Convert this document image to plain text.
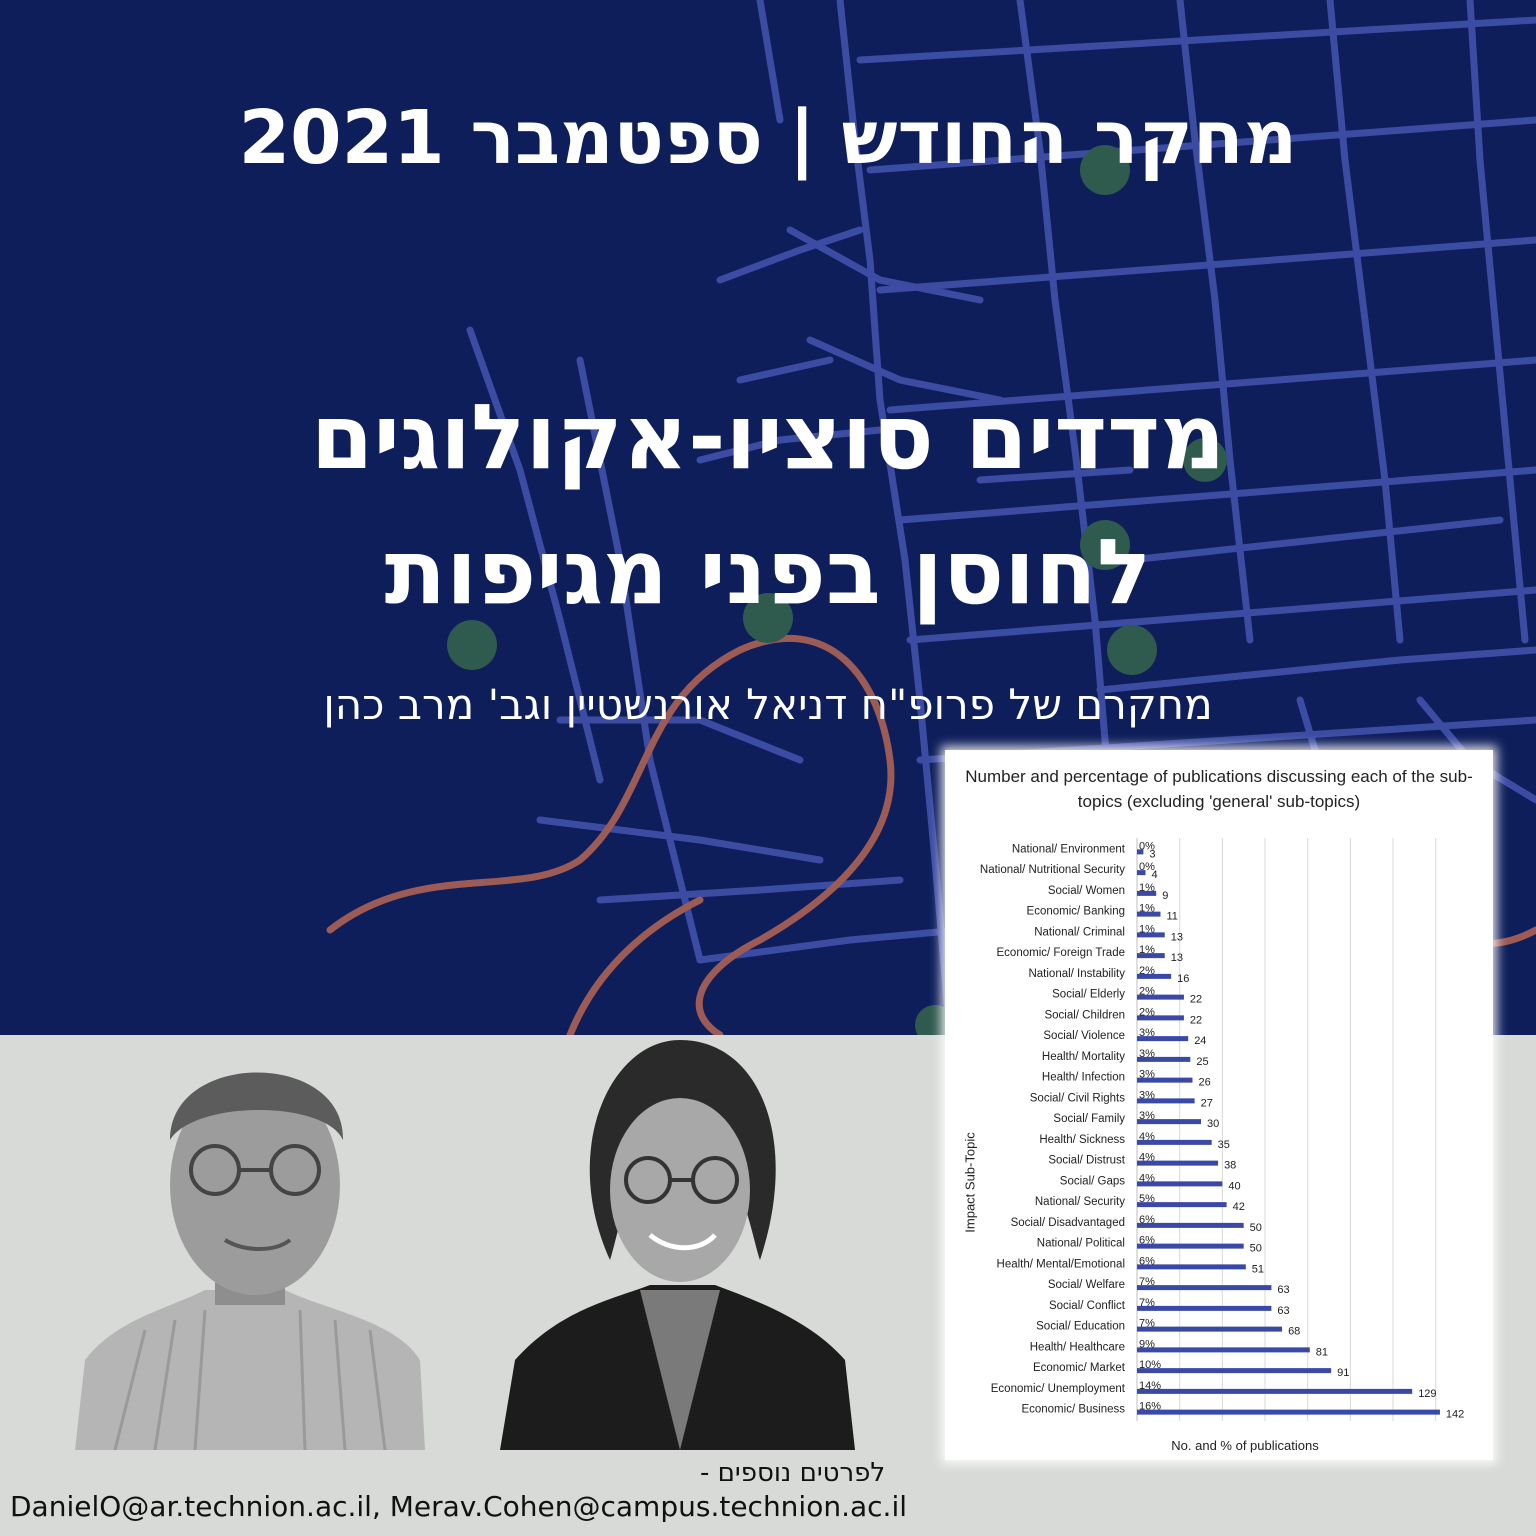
מחקר החודש | ספטמבר 2021
מדדים סוציו-אקולוגים
לחוסן בפני מגיפות
מחקרם של פרופ"ח דניאל אורנשטיין וגב' מרב כהן
לפרטים נוספים -
DanielO@ar.technion.ac.il, Merav.Cohen@campus.technion.ac.il
Number and percentage of publications discussing each of the sub-topics (excluding 'general' sub-topics)
National/ Environment 0%
3
National/ Nutritional Security 0%
4
Social/ Women 1%
9
Economic/ Banking 1%
11
National/ Criminal 1%
13
Economic/ Foreign Trade 1%
13
National/ Instability 2%
16
Social/ Elderly 2%
22
Social/ Children 2%
22
Social/ Violence 3%
24
Health/ Mortality 3%
25
Health/ Infection 3%
26
Social/ Civil Rights 3%
27
Social/ Family 3%
30
Health/ Sickness 4%
35
Social/ Distrust 4%
38
Social/ Gaps 4%
40
National/ Security 5%
42
Social/ Disadvantaged 6%
50
National/ Political 6%
50
Health/ Mental/Emotional 6%
51
Social/ Welfare 7%
63
Social/ Conflict 7%
63
Social/ Education 7%
68
Health/ Healthcare 9%
81
Economic/ Market 10%
91
Economic/ Unemployment 14%
129
Economic/ Business 16%
142
Impact Sub-Topic
No. and % of publications
